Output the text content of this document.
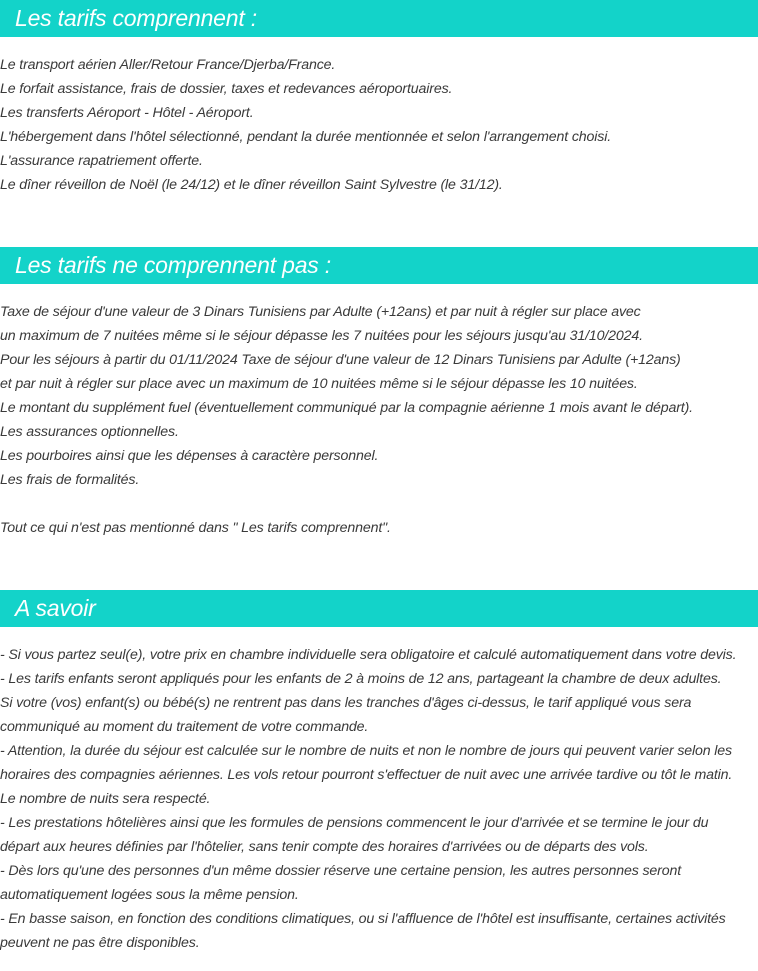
Les tarifs comprennent :
Le transport aérien Aller/Retour France/Djerba/France.
Le forfait assistance, frais de dossier, taxes et redevances aéroportuaires.
Les transferts Aéroport - Hôtel - Aéroport.
L'hébergement dans l'hôtel sélectionné, pendant la durée mentionnée et selon l'arrangement choisi.
L'assurance rapatriement offerte.
Le dîner réveillon de Noël (le 24/12) et le dîner réveillon Saint Sylvestre (le 31/12).
Les tarifs ne comprennent pas :
Taxe de séjour d'une valeur de 3 Dinars Tunisiens par Adulte (+12ans) et par nuit à régler sur place avec
un maximum de 7 nuitées même si le séjour dépasse les 7 nuitées pour les séjours jusqu'au 31/10/2024.
Pour les séjours à partir du 01/11/2024 Taxe de séjour d'une valeur de 12 Dinars Tunisiens par Adulte (+12ans)
et par nuit à régler sur place avec un maximum de 10 nuitées même si le séjour dépasse les 10 nuitées.
Le montant du supplément fuel (éventuellement communiqué par la compagnie aérienne 1 mois avant le départ).
Les assurances optionnelles.
Les pourboires ainsi que les dépenses à caractère personnel.
Les frais de formalités.
Tout ce qui n'est pas mentionné dans " Les tarifs comprennent".
A savoir
- Si vous partez seul(e), votre prix en chambre individuelle sera obligatoire et calculé automatiquement dans votre devis.
- Les tarifs enfants seront appliqués pour les enfants de 2 à moins de 12 ans, partageant la chambre de deux adultes.
Si votre (vos) enfant(s) ou bébé(s) ne rentrent pas dans les tranches d'âges ci-dessus, le tarif appliqué vous sera
communiqué au moment du traitement de votre commande.
- Attention, la durée du séjour est calculée sur le nombre de nuits et non le nombre de jours qui peuvent varier selon les
horaires des compagnies aériennes. Les vols retour pourront s'effectuer de nuit avec une arrivée tardive ou tôt le matin.
Le nombre de nuits sera respecté.
- Les prestations hôtelières ainsi que les formules de pensions commencent le jour d'arrivée et se termine le jour du
départ aux heures définies par l'hôtelier, sans tenir compte des horaires d'arrivées ou de départs des vols.
- Dès lors qu'une des personnes d'un même dossier réserve une certaine pension, les autres personnes seront
automatiquement logées sous la même pension.
- En basse saison, en fonction des conditions climatiques, ou si l'affluence de l'hôtel est insuffisante, certaines activités
peuvent ne pas être disponibles.
